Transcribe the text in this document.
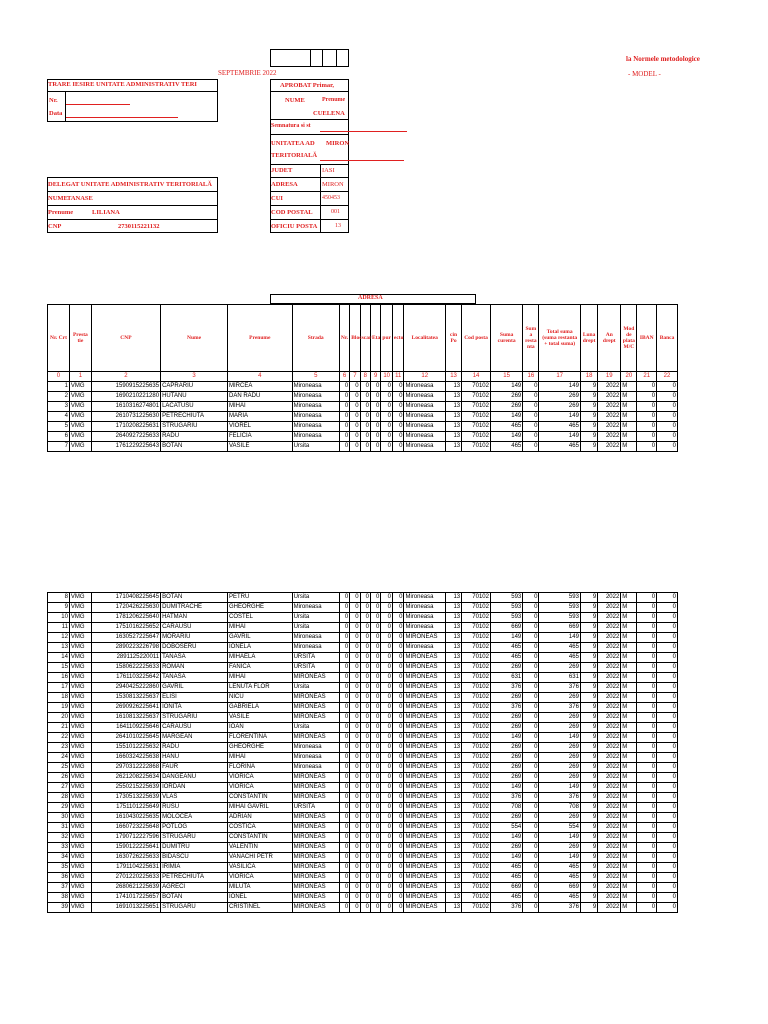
la Normele metodologice
- MODEL -
SEPTEMBRIE 2022
TRARE IESIRE UNITATE ADMINISTRATIV TERI
Nr.
Data
APROBAT Primar,
NUME	Prenume
CUELENA
Semnatura si st
UNITATEA AD MIRON
TERITORIALĂ
JUDET	IASI
ADRESA	MIRON
CUI	450453
COD POSTAL	001
OFICIU POSTA	13
DELEGAT UNITATE ADMINISTRATIV TERITORIALĂ
NUME TANASE
Prenume	LILIANA
CNP	2730115221132
ADRESA
Nr. Crt	Presta tie	CNP	Nume	Prenume	Strada	Nr.	Bloc	scar	Eta	pur	ecto	Localitatea	cin Po	Cod posta	Suma curenta	Sum a resta nta	Total suma (suma restanta + total suma)	Luna drept	An drept	Mod de plata M/C	IBAN	Banca
0	1	2	3	4	5	6	7	8	9	10	11	12	13	14	15	16	17	18	19	20	21	22
1	VMG	1590915225635	CAPRARIU	MIRCEA	Mironeasa	0	0	0	0	0	0	Mironeasa	13	70102	149	0	149	9	2022	M	0	0
2	VMG	1690210221280	HUTANU	DAN RADU	Mironeasa	0	0	0	0	0	0	Mironeasa	13	70102	269	0	269	9	2022	M	0	0
3	VMG	1610316274801	LACATUSU	MIHAI	Mironeasa	0	0	0	0	0	0	Mironeasa	13	70102	269	0	269	9	2022	M	0	0
4	VMG	2610731225630	PETRECHIUTA	MARIA	Mironeasa	0	0	0	0	0	0	Mironeasa	13	70102	149	0	149	9	2022	M	0	0
5	VMG	1710208225631	STRUGARIU	VIOREL	Mironeasa	0	0	0	0	0	0	Mironeasa	13	70102	465	0	465	9	2022	M	0	0
6	VMG	2640927225633	RADU	FELICIA	Mironeasa	0	0	0	0	0	0	Mironeasa	13	70102	149	0	149	9	2022	M	0	0
7	VMG	1761229225643	BOTAN	VASILE	Ursita	0	0	0	0	0	0	Mironeasa	13	70102	465	0	465	9	2022	M	0	0
8	VMG	1710408225645	BOTAN	PETRU	Ursita	0	0	0	0	0	0	Mironeasa	13	70102	593	0	593	9	2022	M	0	0
9	VMG	1720426225630	DUMITRACHE	GHEORGHE	Mironeasa	0	0	0	0	0	0	Mironeasa	13	70102	593	0	593	9	2022	M	0	0
10	VMG	1781206225640	HATMAN	COSTEL	Ursita	0	0	0	0	0	0	Mironeasa	13	70102	593	0	593	9	2022	M	0	0
11	VMG	1751016225652	CARAUSU	MIHAI	Ursita	0	0	0	0	0	0	Mironeasa	13	70102	669	0	669	9	2022	M	0	0
12	VMG	1630527225647	MORARIU	GAVRIL	Mironeasa	0	0	0	0	0	0	MIRONEAS	13	70102	149	0	149	9	2022	M	0	0
13	VMG	2890223226798	DOBOSERU	IONELA	Mironeasa	0	0	0	0	0	0	Mironeasa	13	70102	465	0	465	9	2022	M	0	0
14	VMG	2891125220011	TANASA	MIHAELA	URSITA	0	0	0	0	0	0	MIRONEAS	13	70102	465	0	465	9	2022	M	0	0
15	VMG	1580622225633	ROMAN	FANICA	URSITA	0	0	0	0	0	0	MIRONEAS	13	70102	269	0	269	9	2022	M	0	0
16	VMG	1761103225642	TANASA	MIHAI	MIRONEAS	0	0	0	0	0	0	MIRONEAS	13	70102	631	0	631	9	2022	M	0	0
17	VMG	2940425222860	GAVRIL	LENUTA FLOR	Ursita	0	0	0	0	0	0	MIRONEAS	13	70102	376	0	376	9	2022	M	0	0
18	VMG	1530813225637	ELISI	NICU	MIRONEAS	0	0	0	0	0	0	MIRONEAS	13	70102	269	0	269	9	2022	M	0	0
19	VMG	2690926225641	IONITA	GABRIELA	MIRONEAS	0	0	0	0	0	0	MIRONEAS	13	70102	376	0	376	9	2022	M	0	0
20	VMG	1610813225637	STRUGARIU	VASILE	MIRONEAS	0	0	0	0	0	0	MIRONEAS	13	70102	269	0	269	9	2022	M	0	0
21	VMG	1641109225646	CARAUSU	IOAN	Ursita	0	0	0	0	0	0	MIRONEAS	13	70102	269	0	269	9	2022	M	0	0
22	VMG	2641010225645	MARGEAN	FLORENTINA	MIRONEAS	0	0	0	0	0	0	MIRONEAS	13	70102	149	0	149	9	2022	M	0	0
23	VMG	1551012225632	RADU	GHEORGHE	Mironeasa	0	0	0	0	0	0	MIRONEAS	13	70102	269	0	269	9	2022	M	0	0
24	VMG	1660324225638	HANU	MIHAI	Mironeasa	0	0	0	0	0	0	MIRONEAS	13	70102	269	0	269	9	2022	M	0	0
25	VMG	2970312222868	FAUR	FLORINA	Mironeasa	0	0	0	0	0	0	MIRONEAS	13	70102	269	0	269	9	2022	M	0	0
26	VMG	2621208225634	DANGEANU	VIORICA	MIRONEAS	0	0	0	0	0	0	MIRONEAS	13	70102	269	0	269	9	2022	M	0	0
27	VMG	2550215225639	IORDAN	VIORICA	MIRONEAS	0	0	0	0	0	0	MIRONEAS	13	70102	149	0	149	9	2022	M	0	0
28	VMG	1730513225639	VLAS	CONSTANTIN	MIRONEAS	0	0	0	0	0	0	MIRONEAS	13	70102	376	0	376	9	2022	M	0	0
29	VMG	1751101225649	RUSU	MIHAI GAVRIL	URSITA	0	0	0	0	0	0	MIRONEAS	13	70102	708	0	708	9	2022	M	0	0
30	VMG	1610430225635	MOLOCEA	ADRIAN	MIRONEAS	0	0	0	0	0	0	MIRONEAS	13	70102	269	0	269	9	2022	M	0	0
31	VMG	1660723225648	POTLOG	COSTICA	MIRONEAS	0	0	0	0	0	0	MIRONEAS	13	70102	554	0	554	9	2022	M	0	0
32	VMG	1790712227596	STRUGARU	CONSTANTIN	MIRONEAS	0	0	0	0	0	0	MIRONEAS	13	70102	149	0	149	9	2022	M	0	0
33	VMG	1590122225641	DUMITRU	VALENTIN	MIRONEAS	0	0	0	0	0	0	MIRONEAS	13	70102	269	0	269	9	2022	M	0	0
34	VMG	1630726225633	BIDASCU	VANACHI PETR	MIRONEAS	0	0	0	0	0	0	MIRONEAS	13	70102	149	0	149	9	2022	M	0	0
35	VMG	1791104225631	IRIMIA	VASILICA	MIRONEAS	0	0	0	0	0	0	MIRONEAS	13	70102	465	0	465	9	2022	M	0	0
36	VMG	2701220225633	PETRECHIUTA	VIORICA	MIRONEAS	0	0	0	0	0	0	MIRONEAS	13	70102	465	0	465	9	2022	M	0	0
37	VMG	2680621225639	AGRECI	MILUTA	MIRONEAS	0	0	0	0	0	0	MIRONEAS	13	70102	669	0	669	9	2022	M	0	0
38	VMG	1741017225657	BOTAN	IONEL	MIRONEAS	0	0	0	0	0	0	MIRONEAS	13	70102	465	0	465	9	2022	M	0	0
39	VMG	1691013225651	STRUGARU	CRISTINEL	MIRONEAS	0	0	0	0	0	0	MIRONEAS	13	70102	376	0	376	9	2022	M	0	0
